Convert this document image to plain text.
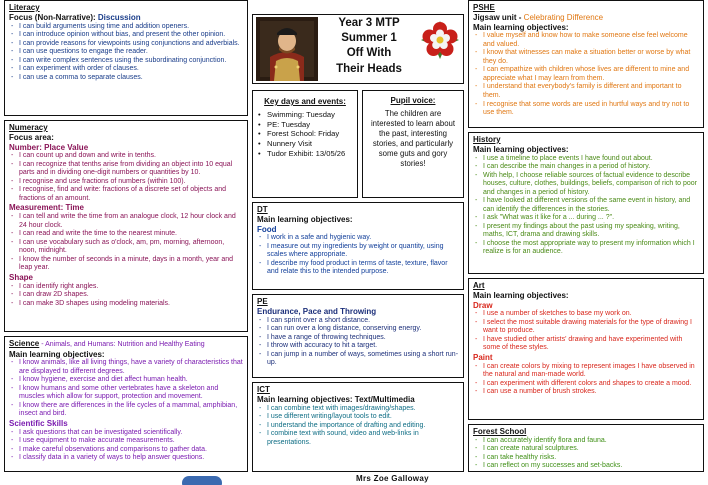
Literacy
Focus (Non-Narrative): Discussion
- I can build arguments using time and addition openers.
- I can introduce opinion without bias, and present the other opinion.
- I can provide reasons for viewpoints using conjunctions and adverbials.
- I can use questions to engage the reader.
- I can write complex sentences using the subordinating conjunction.
- I can experiment with order of clauses.
- I can use a comma to separate clauses.
Numeracy
Focus area:
Number: Place Value
- I can count up and down and write in tenths.
- I can recognize that tenths arise from dividing an object into 10 equal parts and in dividing one-digit numbers or quantities by 10.
- I recognise and use fractions of numbers (within 100).
- I recognise, find and write: fractions of a discrete set of objects and fractions of an amount.
Measurement: Time
- I can tell and write the time from an analogue clock, 12 hour clock and 24 hour clock.
- I can read and write the time to the nearest minute.
- I can use vocabulary such as o'clock, am, pm, morning, afternoon, noon, midnight.
- I know the number of seconds in a minute, days in a month, year and leap year.
Shape
- I can identify right angles.
- I can draw 2D shapes.
- I can make 3D shapes using modeling materials.
Science - Animals, and Humans: Nutrition and Healthy Eating
Main learning objectives:
- I know animals, like all living things, have a variety of characteristics that are displayed to different degrees.
- I know hygiene, exercise and diet affect human health.
- I know humans and some other vertebrates have a skeleton and muscles which allow for support, protection and movement.
- I know there are differences in the life cycles of a mammal, amphibian, insect and bird.
Scientific Skills
- I ask questions that can be investigated scientifically.
- I use equipment to make accurate measurements.
- I make careful observations and comparisons to gather data.
- I classify data in a variety of ways to help answer questions.
Year 3 MTP
Summer 1
Off With
Their Heads
Key days and events:
• Swimming: Tuesday
• PE: Tuesday
• Forest School: Friday
• Nunnery Visit
• Tudor Exhibit: 13/05/26
Pupil voice:
The children are interested to learn about the past, interesting stories, and particularly some guts and gory stories!
DT
Main learning objectives:
Food
- I work in a safe and hygienic way.
- I measure out my ingredients by weight or quantity, using scales where appropriate.
- I describe my food product in terms of taste, texture, flavor and relate this to the intended purpose.
PE
Endurance, Pace and Throwing
- I can sprint over a short distance.
- I can run over a long distance, conserving energy.
- I have a range of throwing techniques.
- I throw with accuracy to hit a target.
- I can jump in a number of ways, sometimes using a short run-up.
ICT
Main learning objectives: Text/Multimedia
- I can combine text with images/drawing/shapes.
- I use different writing/layout tools to edit.
- I understand the importance of drafting and editing.
- I combine text with sound, video and web-links in presentations.
PSHE
Jigsaw unit - Celebrating Difference
Main learning objectives:
- I value myself and know how to make someone else feel welcome and valued.
- I know that witnesses can make a situation better or worse by what they do.
- I can empathize with children whose lives are different to mine and appreciate what I may learn from them.
- I understand that everybody's family is different and important to them.
- I recognise that some words are used in hurtful ways and try not to use them.
History
Main learning objectives:
- I use a timeline to place events I have found out about.
- I can describe the main changes in a period of history.
- With help, I choose reliable sources of factual evidence to describe houses, culture, clothes, buildings, beliefs, comparison of rich to poor and changes in a period of history.
- I have looked at different versions of the same event in history, and can identify the differences in the stories.
- I ask "What was it like for a ... during ... ?".
- I present my findings about the past using my speaking, writing, maths, ICT, drama and drawing skills.
- I choose the most appropriate way to present my information which I realize is for an audience.
Art
Main learning objectives:
Draw
- I use a number of sketches to base my work on.
- I select the most suitable drawing materials for the type of drawing I want to produce.
- I have studied other artists' drawing and have experimented with some of these styles.
Paint
- I can create colors by mixing to represent images I have observed in the natural and man-made world.
- I can experiment with different colors and shapes to create a mood.
- I can use a number of brush strokes.
Forest School
- I can accurately identify flora and fauna.
- I can create natural sculptures.
- I can take healthy risks.
- I can reflect on my successes and set-backs.
Mrs Zoe Galloway
